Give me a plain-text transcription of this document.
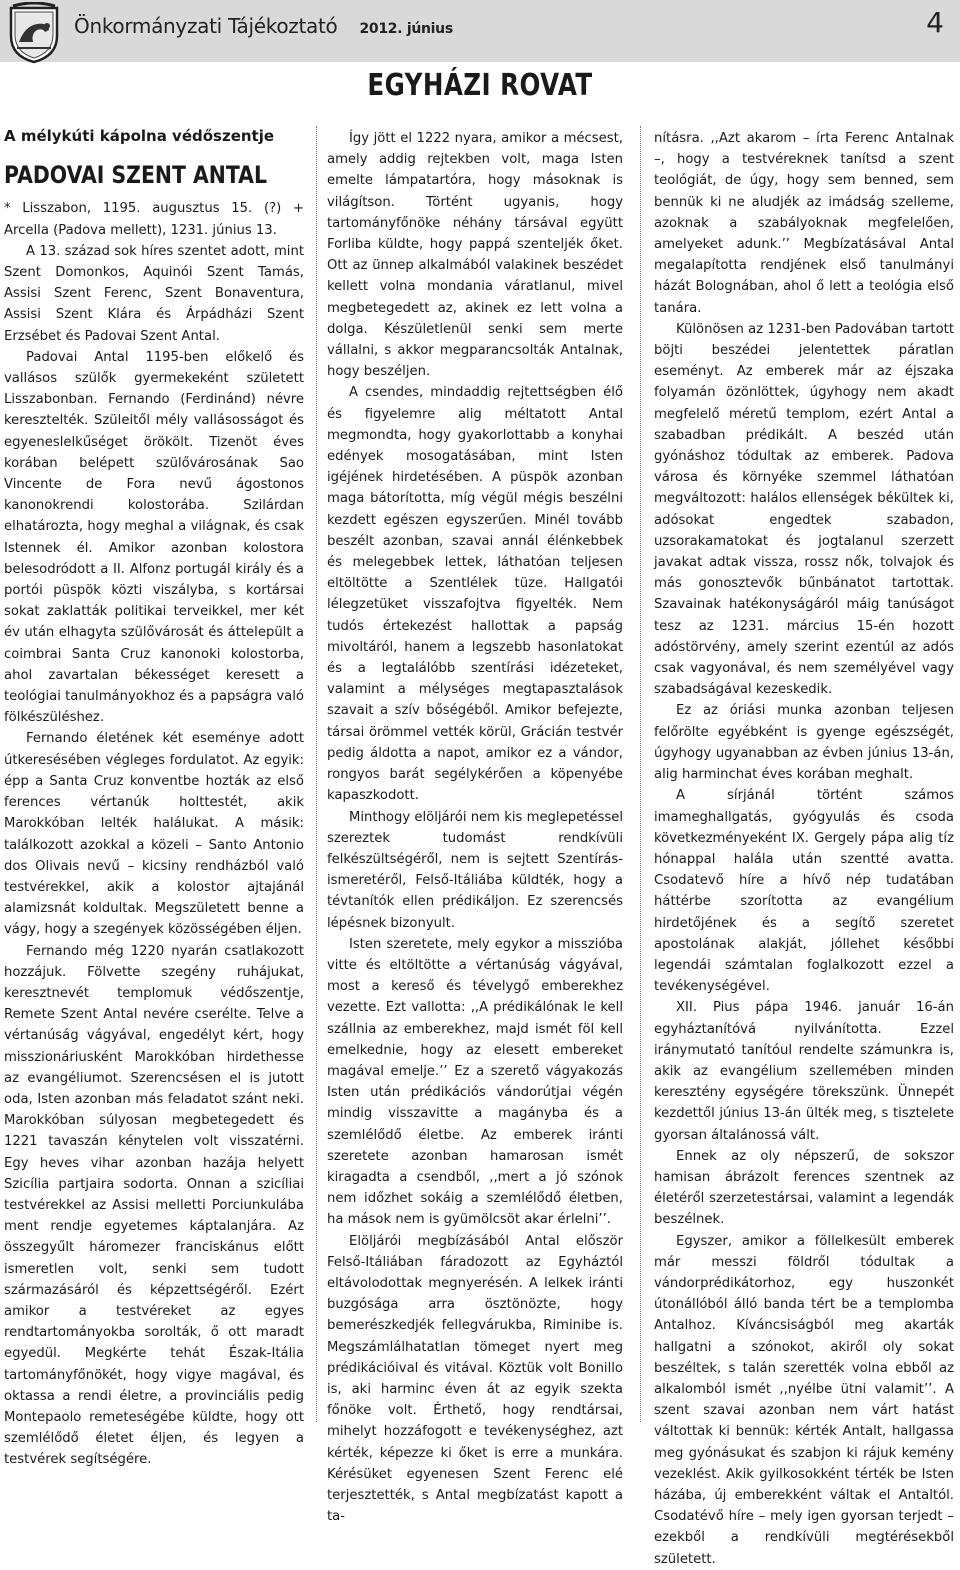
Önkormányzati Tájékoztató 2012. június	4
EGYHÁZI ROVAT
A mélykúti kápolna védőszentje
PADOVAI SZENT ANTAL

* Lisszabon, 1195. augusztus 15. (?) + Arcella (Padova mellett), 1231. június 13.

A 13. század sok híres szentet adott, mint Szent Domonkos, Aquinói Szent Tamás, Assisi Szent Ferenc, Szent Bonaventura, Assisi Szent Klára és Árpádházi Szent Erzsébet és Padovai Szent Antal.

Padovai Antal 1195-ben előkelő és vallásos szülők gyermekeként született Lisszabonban. Fernando (Ferdinánd) névre keresztelték. Szüleitől mély vallásosságot és egyeneslelkűséget örökölt. Tizenöt éves korában belépett szülővárosának Sao Vincente de Fora nevű ágostonos kanonokrendi kolostorába. Szilárdan elhatározta, hogy meghal a világnak, és csak Istennek él. Amikor azonban kolostora belesodródott a II. Alfonz portugál király és a portói püspök közti viszályba, s kortársai sokat zaklatták politikai terveikkel, mer két év után elhagyta szülővárosát és áttelepült a coimbrai Santa Cruz kanonoki kolostorba, ahol zavartalan békességet keresett a teológiai tanulmányokhoz és a papságra való fölkészüléshez.

Fernando életének két eseménye adott útkeresésében végleges fordulatot. Az egyik: épp a Santa Cruz konventbe hozták az első ferences vértanúk holttestét, akik Marokkóban lelték halálukat. A másik: találkozott azokkal a közeli – Santo Antonio dos Olivais nevű – kicsiny rendházból való testvérekkel, akik a kolostor ajtajánál alamizsnát koldultak. Megszületett benne a vágy, hogy a szegények közösségében éljen.

Fernando még 1220 nyarán csatlakozott hozzájuk. Fölvette szegény ruhájukat, keresztnevét templomuk védőszentje, Remete Szent Antal nevére cserélte. Telve a vértanúság vágyával, engedélyt kért, hogy misszionáriusként Marokkóban hirdethesse az evangéliumot. Szerencsésen el is jutott oda, Isten azonban más feladatot szánt neki. Marokkóban súlyosan megbetegedett és 1221 tavaszán kénytelen volt visszatérni. Egy heves vihar azonban hazája helyett Szicília partjaira sodorta. Onnan a szicíliai testvérekkel az Assisi melletti Porciunkulába ment rendje egyetemes káptalanjára. Az összegyűlt háromezer franciskánus előtt ismeretlen volt, senki sem tudott származásáról és képzettségéről. Ezért amikor a testvéreket az egyes rendtartományokba sorolták, ő ott maradt egyedül. Megkérte tehát Észak-Itália tartományfőnökét, hogy vigye magával, és oktassa a rendi életre, a provinciális pedig Montepaolo remeteségébe küldte, hogy ott szemlélődő életet éljen, és legyen a testvérek segítségére.

Így jött el 1222 nyara, amikor a mécsest, amely addig rejtekben volt, maga Isten emelte lámpatartóra, hogy másoknak is világítson. Történt ugyanis, hogy tartományfőnöke néhány társával együtt Forliba küldte, hogy pappá szenteljék őket. Ott az ünnep alkalmából valakinek beszédet kellett volna mondania váratlanul, mivel megbetegedett az, akinek ez lett volna a dolga. Készületlenül senki sem merte vállalni, s akkor megparancsolták Antalnak, hogy beszéljen.

A csendes, mindaddig rejtettségben élő és figyelemre alig méltatott Antal megmondta, hogy gyakorlottabb a konyhai edények mosogatásában, mint Isten igéjének hirdetésében. A püspök azonban maga bátorította, míg végül mégis beszélni kezdett egészen egyszerűen. Minél tovább beszélt azonban, szavai annál élénkebbek és melegebbek lettek, láthatóan teljesen eltöltötte a Szentlélek tüze. Hallgatói lélegzetüket visszafojtva figyelték. Nem tudós értekezést hallottak a papság mivoltáról, hanem a legszebb hasonlatokat és a legtalálóbb szentírási idézeteket, valamint a mélységes megtapasztalások szavait a szív bőségéből. Amikor befejezte, társai örömmel vették körül, Grácián testvér pedig áldotta a napot, amikor ez a vándor, rongyos barát segélykérően a köpenyébe kapaszkodott.

Minthogy elöljárói nem kis meglepetéssel szereztek tudomást rendkívüli felkészültségéről, nem is sejtett Szentírás-ismeretéről, Felső-Itáliába küldték, hogy a tévtanítók ellen prédikáljon. Ez szerencsés lépésnek bizonyult.

Isten szeretete, mely egykor a misszióba vitte és eltöltötte a vértanúság vágyával, most a kereső és tévelygő emberekhez vezette. Ezt vallotta: ,,A prédikálónak le kell szállnia az emberekhez, majd ismét föl kell emelkednie, hogy az elesett embereket magával emelje.’’ Ez a szerető vágyakozás Isten után prédikációs vándorútjai végén mindig visszavitte a magányba és a szemlélődő életbe. Az emberek iránti szeretete azonban hamarosan ismét kiragadta a csendből, ,,mert a jó szónok nem időzhet sokáig a szemlélődő életben, ha mások nem is gyümölcsöt akar érlelni’’.

Elöljárói megbízásából Antal először Felső-Itáliában fáradozott az Egyháztól eltávolodottak megnyerésén. A lelkek iránti buzgósága arra ösztönözte, hogy bemerészkedjék fellegvárukba, Riminibe is. Megszámlálhatatlan tömeget nyert meg prédikációival és vitával. Köztük volt Bonillo is, aki harminc éven át az egyik szekta főnöke volt. Érthető, hogy rendtársai, mihelyt hozzáfogott e tevékenységhez, azt kérték, képezze ki őket is erre a munkára. Kérésüket egyenesen Szent Ferenc elé terjesztették, s Antal megbízatást kapott a ta-

nításra. ,,Azt akarom – írta Ferenc Antalnak –, hogy a testvéreknek tanítsd a szent teológiát, de úgy, hogy sem benned, sem bennük ki ne aludjék az imádság szelleme, azoknak a szabályoknak megfelelően, amelyeket adunk.’’ Megbízatásával Antal megalapította rendjének első tanulmányi házát Bolognában, ahol ő lett a teológia első tanára.

Különösen az 1231-ben Padovában tartott böjti beszédei jelentettek páratlan eseményt. Az emberek már az éjszaka folyamán özönlöttek, úgyhogy nem akadt megfelelő méretű templom, ezért Antal a szabadban prédikált. A beszéd után gyónáshoz tódultak az emberek. Padova városa és környéke szemmel láthatóan megváltozott: halálos ellenségek békültek ki, adósokat engedtek szabadon, uzsorakamatokat és jogtalanul szerzett javakat adtak vissza, rossz nők, tolvajok és más gonosztevők bűnbánatot tartottak. Szavainak hatékonyságáról máig tanúságot tesz az 1231. március 15-én hozott adóstörvény, amely szerint ezentúl az adós csak vagyonával, és nem személyével vagy szabadságával kezeskedik.

Ez az óriási munka azonban teljesen felőrölte egyébként is gyenge egészségét, úgyhogy ugyanabban az évben június 13-án, alig harminchat éves korában meghalt.

A sírjánál történt számos imameghallgatás, gyógyulás és csoda következményeként IX. Gergely pápa alig tíz hónappal halála után szentté avatta. Csodatevő híre a hívő nép tudatában háttérbe szorította az evangélium hirdetőjének és a segítő szeretet apostolának alakját, jóllehet későbbi legendái számtalan foglalkozott ezzel a tevékenységével.

XII. Pius pápa 1946. január 16-án egyháztanítóvá nyilvánította. Ezzel iránymutató tanítóul rendelte számunkra is, akik az evangélium szellemében minden keresztény egységére törekszünk. Ünnepét kezdettől június 13-án ülték meg, s tisztelete gyorsan általánossá vált.

Ennek az oly népszerű, de sokszor hamisan ábrázolt ferences szentnek az életéről szerzetestársai, valamint a legendák beszélnek.

Egyszer, amikor a föllelkesült emberek már messzi földről tódultak a vándorprédikátorhoz, egy huszonkét útonállóból álló banda tért be a templomba Antalhoz. Kíváncsiságból meg akarták hallgatni a szónokot, akiről oly sokat beszéltek, s talán szerették volna ebből az alkalomból ismét ,,nyélbe ütni valamit’’. A szent szavai azonban nem várt hatást váltottak ki bennük: kérték Antalt, hallgassa meg gyónásukat és szabjon ki rájuk kemény vezeklést. Akik gyilkosokként térték be Isten házába, új emberekként váltak el Antaltól. Csodatévő híre – mely igen gyorsan terjedt – ezekből a rendkívüli megtérésekből született.
